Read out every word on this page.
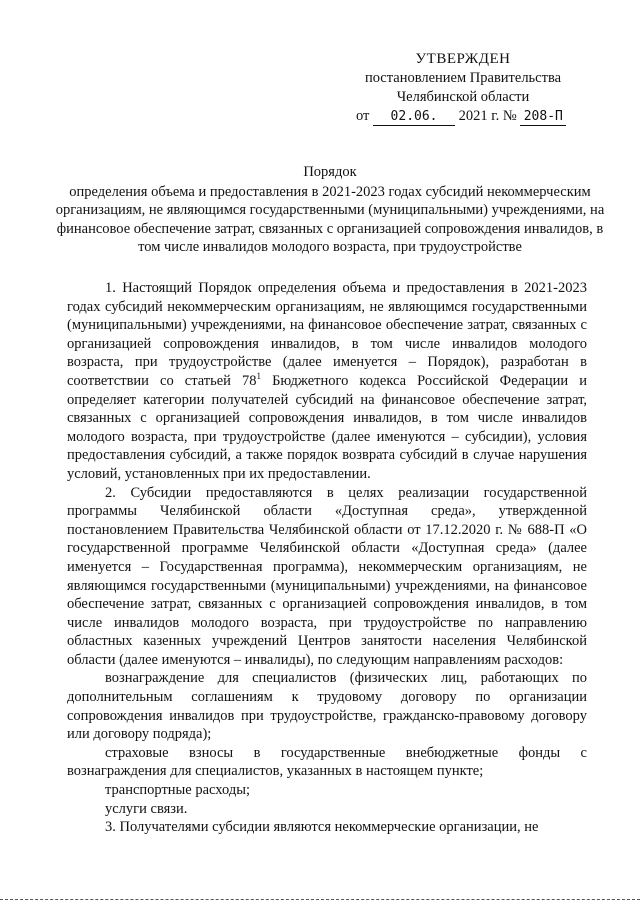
УТВЕРЖДЕН
постановлением Правительства
Челябинской области
от 02.06. 2021 г. № 208-П
Порядок
определения объема и предоставления в 2021-2023 годах субсидий некоммерческим организациям, не являющимся государственными (муниципальными) учреждениями, на финансовое обеспечение затрат, связанных с организацией сопровождения инвалидов, в том числе инвалидов молодого возраста, при трудоустройстве

1. Настоящий Порядок определения объема и предоставления в 2021-2023 годах субсидий некоммерческим организациям, не являющимся государственными (муниципальными) учреждениями, на финансовое обеспечение затрат, связанных с организацией сопровождения инвалидов, в том числе инвалидов молодого возраста, при трудоустройстве (далее именуется – Порядок), разработан в соответствии со статьей $78^1$ Бюджетного кодекса Российской Федерации и определяет категории получателей субсидий на финансовое обеспечение затрат, связанных с организацией сопровождения инвалидов, в том числе инвалидов молодого возраста, при трудоустройстве (далее именуются – субсидии), условия предоставления субсидий, а также порядок возврата субсидий в случае нарушения условий, установленных при их предоставлении.

2. Субсидии предоставляются в целях реализации государственной программы Челябинской области «Доступная среда», утвержденной постановлением Правительства Челябинской области от 17.12.2020 г. № 688-П «О государственной программе Челябинской области «Доступная среда» (далее именуется – Государственная программа), некоммерческим организациям, не являющимся государственными (муниципальными) учреждениями, на финансовое обеспечение затрат, связанных с организацией сопровождения инвалидов, в том числе инвалидов молодого возраста, при трудоустройстве по направлению областных казенных учреждений Центров занятости населения Челябинской области (далее именуются – инвалиды), по следующим направлениям расходов:

вознаграждение для специалистов (физических лиц, работающих по дополнительным соглашениям к трудовому договору по организации сопровождения инвалидов при трудоустройстве, гражданско-правовому договору или договору подряда);

страховые взносы в государственные внебюджетные фонды с вознаграждения для специалистов, указанных в настоящем пункте;

транспортные расходы;

услуги связи.

3. Получателями субсидии являются некоммерческие организации, не
